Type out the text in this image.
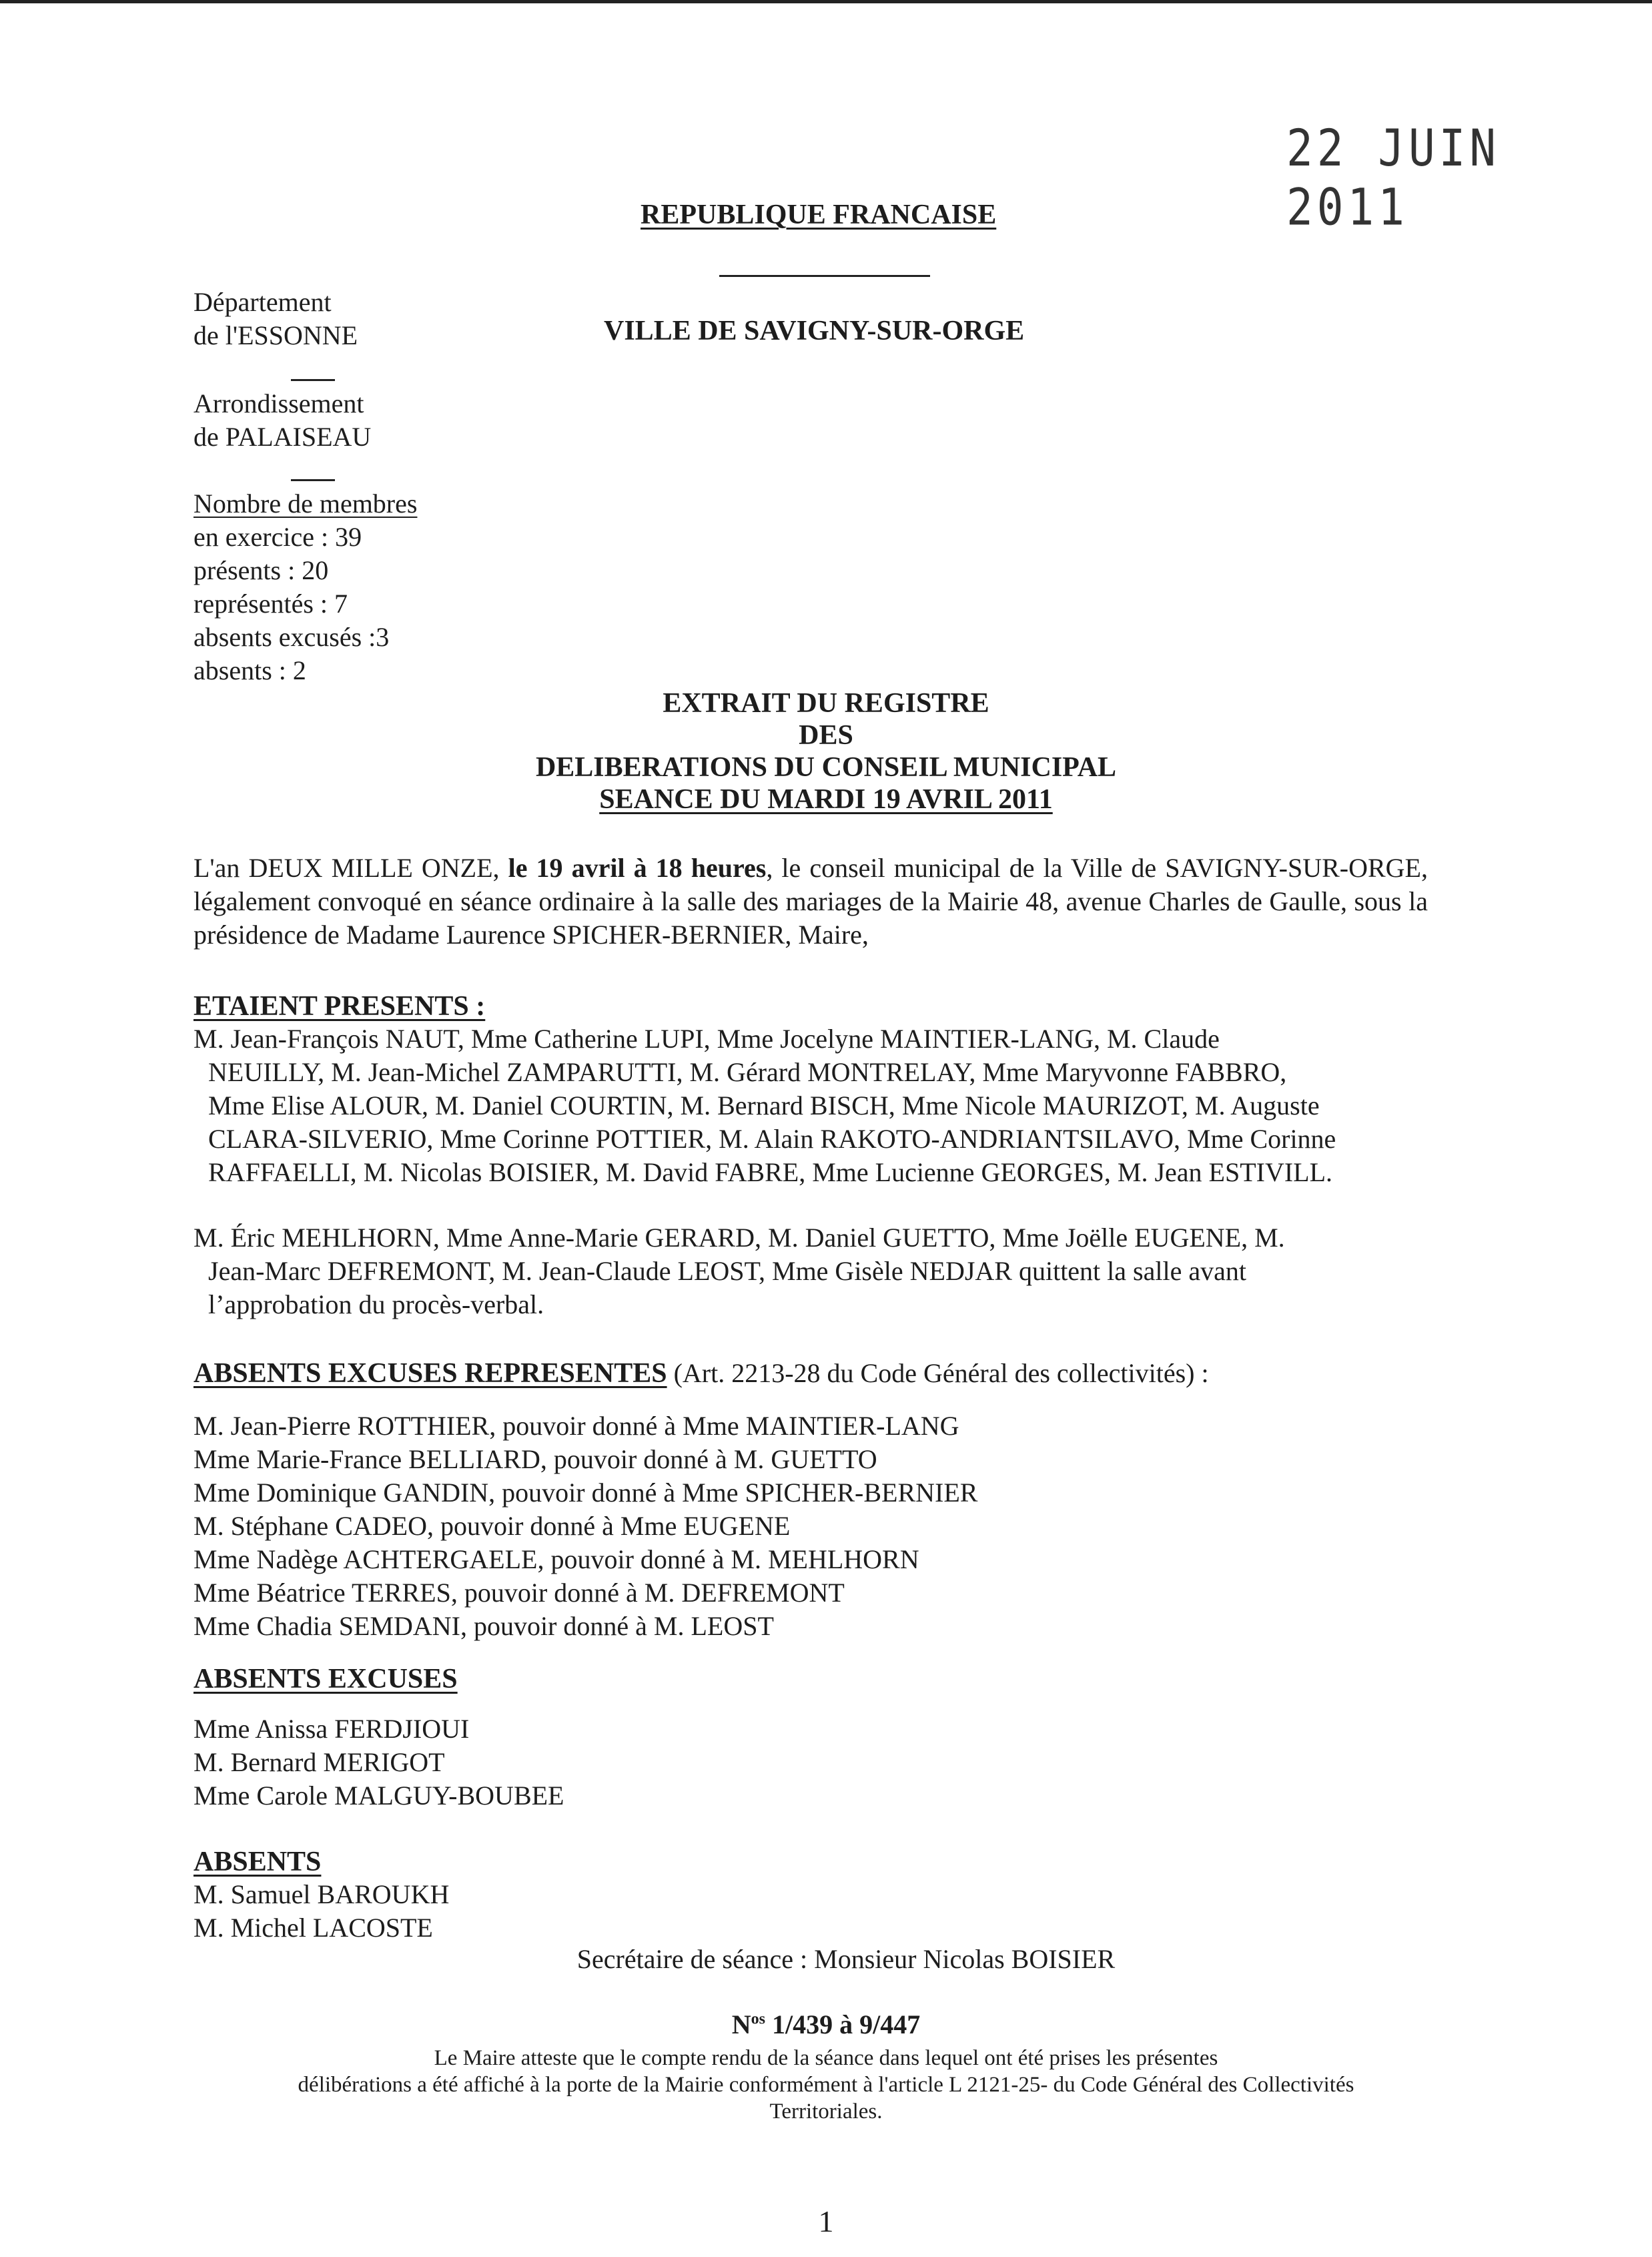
22 JUIN 2011
REPUBLIQUE FRANCAISE
VILLE DE SAVIGNY-SUR-ORGE

Département

de l'ESSONNE

Arrondissement

de PALAISEAU

Nombre de membres

en exercice : 39

présents : 20

représentés : 7

absents excusés :3

absents : 2

EXTRAIT DU REGISTRE

DES

DELIBERATIONS DU CONSEIL MUNICIPAL

SEANCE DU MARDI 19 AVRIL 2011

L'an DEUX MILLE ONZE, le 19 avril à 18 heures, le conseil municipal de la Ville de SAVIGNY-SUR-ORGE, légalement convoqué en séance ordinaire à la salle des mariages de la Mairie 48, avenue Charles de Gaulle, sous la présidence de Madame Laurence SPICHER-BERNIER, Maire,
ETAIENT PRESENTS :

M. Jean-François NAUT, Mme Catherine LUPI, Mme Jocelyne MAINTIER-LANG, M. Claude

NEUILLY, M. Jean-Michel ZAMPARUTTI, M. Gérard MONTRELAY, Mme Maryvonne FABBRO,

Mme Elise ALOUR, M. Daniel COURTIN, M. Bernard BISCH, Mme Nicole MAURIZOT, M. Auguste

CLARA-SILVERIO, Mme Corinne POTTIER, M. Alain RAKOTO-ANDRIANTSILAVO, Mme Corinne

RAFFAELLI, M. Nicolas BOISIER, M. David FABRE, Mme Lucienne GEORGES, M. Jean ESTIVILL.

M. Éric MEHLHORN, Mme Anne-Marie GERARD, M. Daniel GUETTO, Mme Joëlle EUGENE, M.

Jean-Marc DEFREMONT, M. Jean-Claude LEOST, Mme Gisèle NEDJAR quittent la salle avant

l’approbation du procès-verbal.

ABSENTS EXCUSES REPRESENTES (Art. 2213-28 du Code Général des collectivités) :

M. Jean-Pierre ROTTHIER, pouvoir donné à Mme MAINTIER-LANG

Mme Marie-France BELLIARD, pouvoir donné à M. GUETTO

Mme Dominique GANDIN, pouvoir donné à Mme SPICHER-BERNIER

M. Stéphane CADEO, pouvoir donné à Mme EUGENE

Mme Nadège ACHTERGAELE, pouvoir donné à M. MEHLHORN

Mme Béatrice TERRES, pouvoir donné à M. DEFREMONT

Mme Chadia SEMDANI, pouvoir donné à M. LEOST

ABSENTS EXCUSES

Mme Anissa FERDJIOUI

M. Bernard MERIGOT

Mme Carole MALGUY-BOUBEE

ABSENTS

M. Samuel BAROUKH

M. Michel LACOSTE

Secrétaire de séance : Monsieur Nicolas BOISIER
$N^{os}$ 1/439 à 9/447

Le Maire atteste que le compte rendu de la séance dans lequel ont été prises les présentes

délibérations a été affiché à la porte de la Mairie conformément à l'article L 2121-25- du Code Général des Collectivités

Territoriales.

1
